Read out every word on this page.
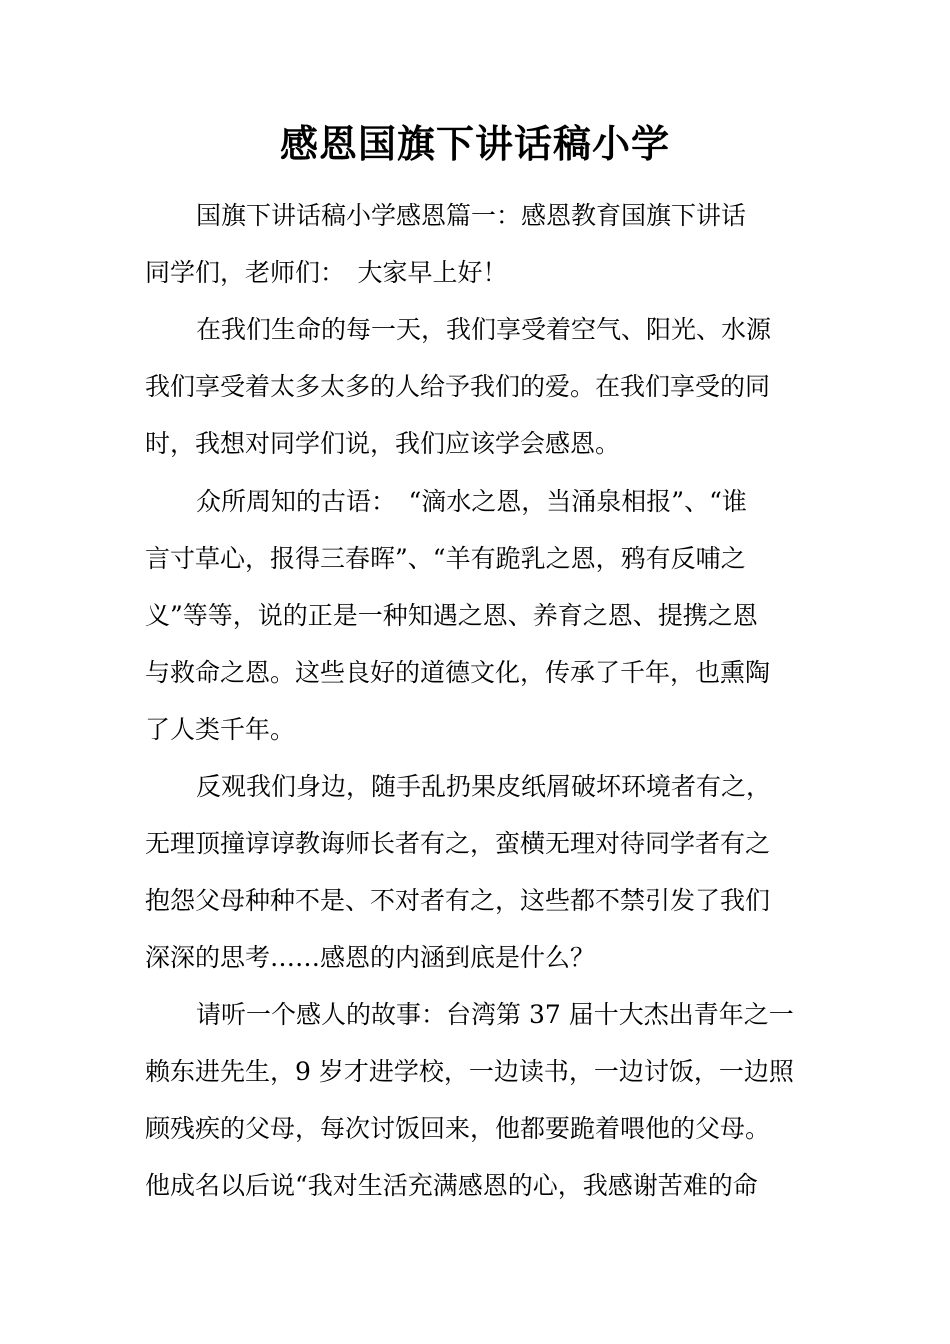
感恩国旗下讲话稿小学
国旗下讲话稿小学感恩篇一：感恩教育国旗下讲话
同学们，老师们：　大家早上好！
在我们生命的每一天，我们享受着空气、阳光、水源
我们享受着太多太多的人给予我们的爱。在我们享受的同
时，我想对同学们说，我们应该学会感恩。
众所周知的古语：　“滴水之恩，当涌泉相报”、“谁
言寸草心，报得三春晖”、“羊有跪乳之恩，鸦有反哺之
义”等等，说的正是一种知遇之恩、养育之恩、提携之恩
与救命之恩。这些良好的道德文化，传承了千年，也熏陶
了人类千年。
反观我们身边，随手乱扔果皮纸屑破坏环境者有之，
无理顶撞谆谆教诲师长者有之，蛮横无理对待同学者有之
抱怨父母种种不是、不对者有之，这些都不禁引发了我们
深深的思考……感恩的内涵到底是什么？
请听一个感人的故事：台湾第 37 届十大杰出青年之一
赖东进先生，9 岁才进学校，一边读书，一边讨饭，一边照
顾残疾的父母，每次讨饭回来，他都要跪着喂他的父母。
他成名以后说“我对生活充满感恩的心，我感谢苦难的命
